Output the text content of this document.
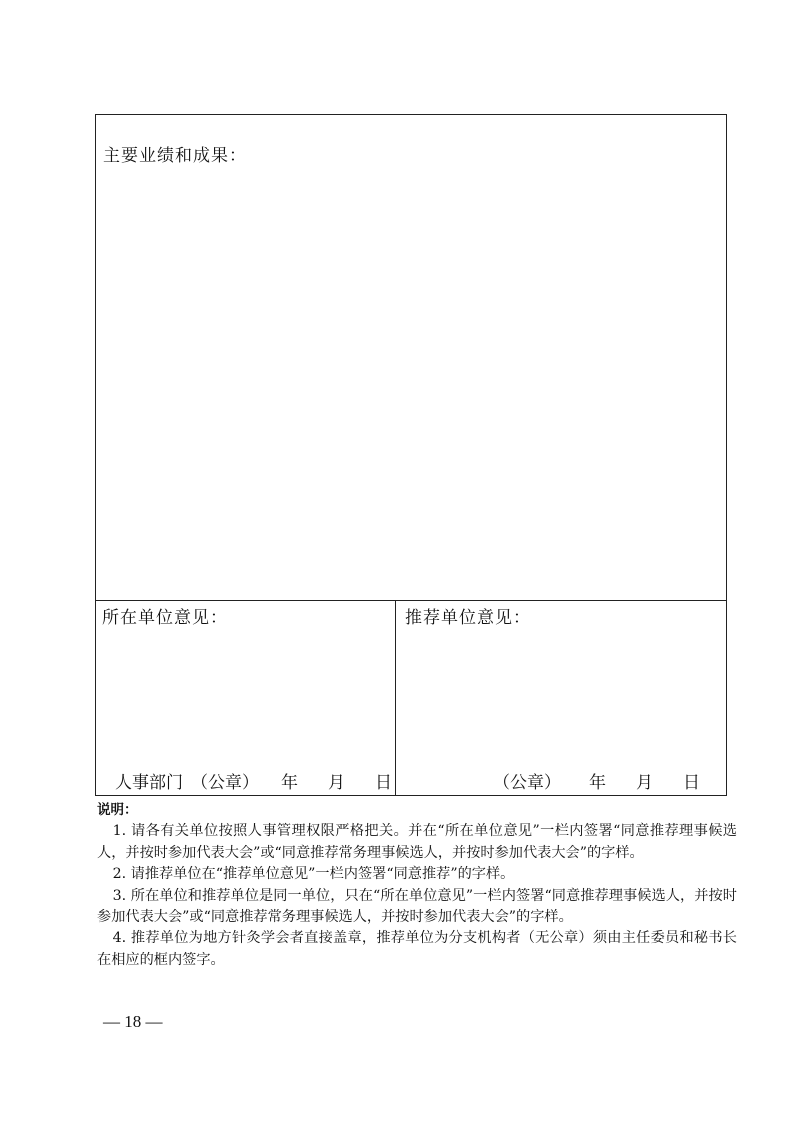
主要业绩和成果：
所在单位意见：
人事部门 （公章） 年 月 日
推荐单位意见：
（公章） 年 月 日
说明：
1. 请各有关单位按照人事管理权限严格把关。并在“所在单位意见”一栏内签署“同意推荐理事候选人，并按时参加代表大会”或“同意推荐常务理事候选人，并按时参加代表大会”的字样。
2. 请推荐单位在“推荐单位意见”一栏内签署“同意推荐”的字样。
3. 所在单位和推荐单位是同一单位，只在“所在单位意见”一栏内签署“同意推荐理事候选人，并按时参加代表大会”或“同意推荐常务理事候选人，并按时参加代表大会”的字样。
4. 推荐单位为地方针灸学会者直接盖章，推荐单位为分支机构者（无公章）须由主任委员和秘书长在相应的框内签字。
— 18 —
